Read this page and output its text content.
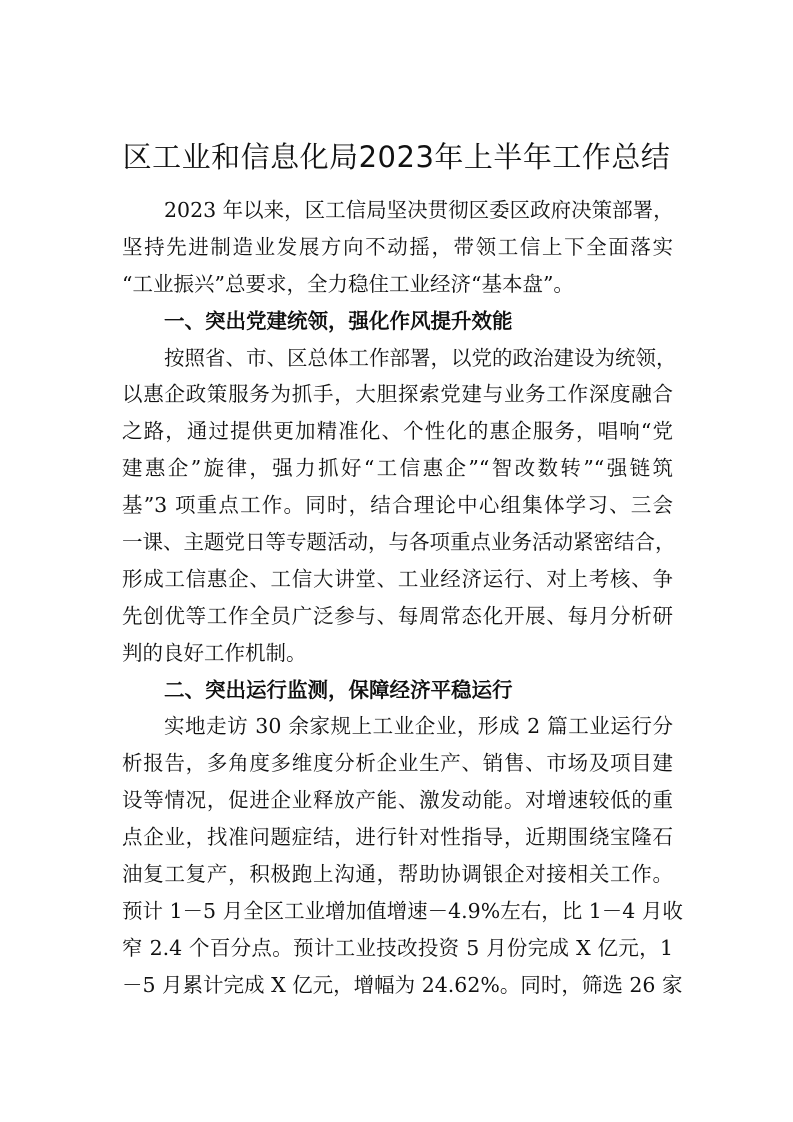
区工业和信息化局2023年上半年工作总结
2023 年以来，区工信局坚决贯彻区委区政府决策部署，
坚持先进制造业发展方向不动摇，带领工信上下全面落实
“工业振兴”总要求，全力稳住工业经济“基本盘”。
一、突出党建统领，强化作风提升效能
按照省、市、区总体工作部署，以党的政治建设为统领，
以惠企政策服务为抓手，大胆探索党建与业务工作深度融合
之路，通过提供更加精准化、个性化的惠企服务，唱响“党
建惠企”旋律，强力抓好“工信惠企”“智改数转”“强链筑
基”3 项重点工作。同时，结合理论中心组集体学习、三会
一课、主题党日等专题活动，与各项重点业务活动紧密结合，
形成工信惠企、工信大讲堂、工业经济运行、对上考核、争
先创优等工作全员广泛参与、每周常态化开展、每月分析研
判的良好工作机制。
二、突出运行监测，保障经济平稳运行
实地走访 30 余家规上工业企业，形成 2 篇工业运行分
析报告，多角度多维度分析企业生产、销售、市场及项目建
设等情况，促进企业释放产能、激发动能。对增速较低的重
点企业，找准问题症结，进行针对性指导，近期围绕宝隆石
油复工复产，积极跑上沟通，帮助协调银企对接相关工作。
预计 1－5 月全区工业增加值增速－4.9%左右，比 1－4 月收
窄 2.4 个百分点。预计工业技改投资 5 月份完成 X 亿元，1
－5 月累计完成 X 亿元，增幅为 24.62%。同时，筛选 26 家
